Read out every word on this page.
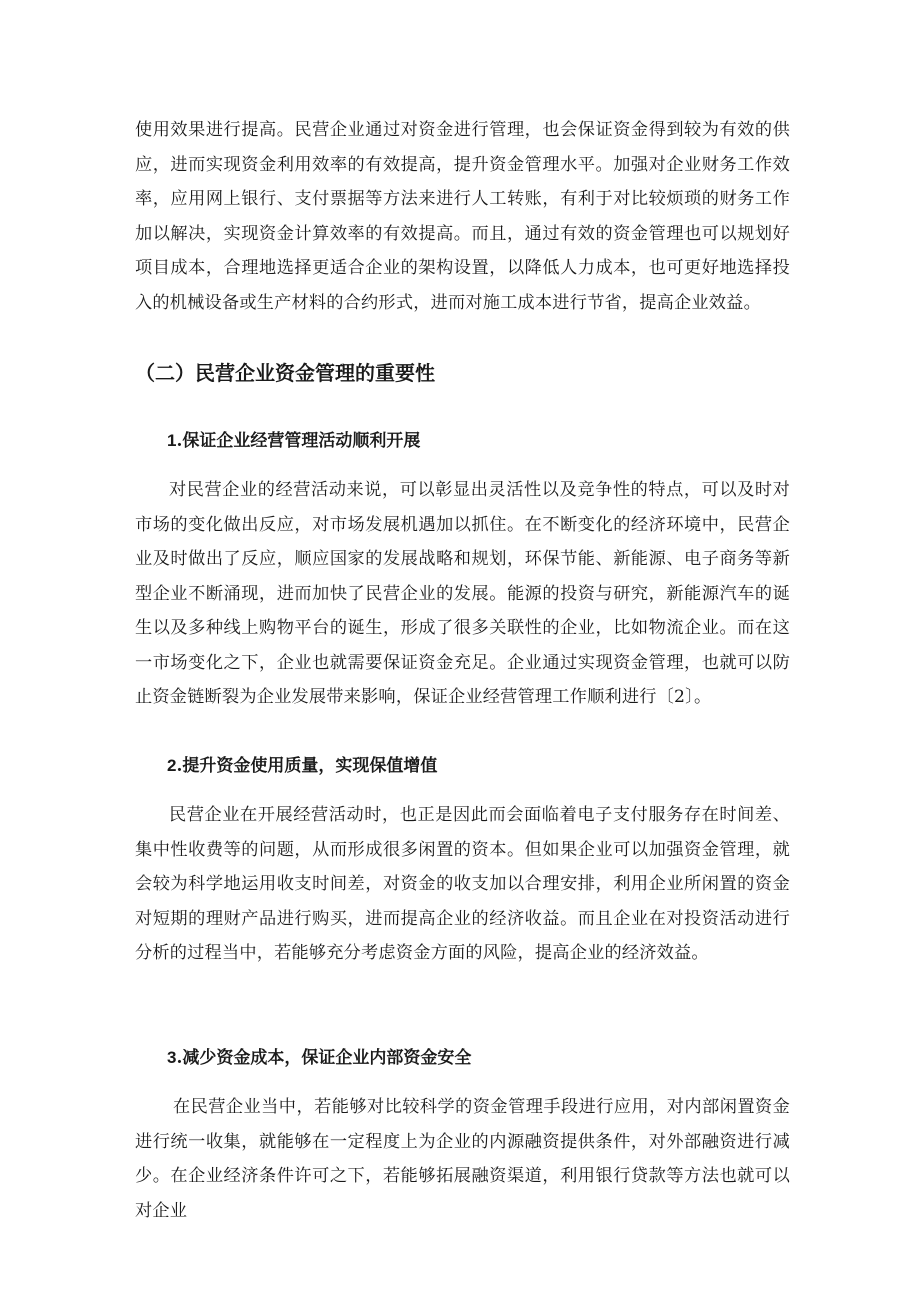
使用效果进行提高。民营企业通过对资金进行管理，也会保证资金得到较为有效的供应，进而实现资金利用效率的有效提高，提升资金管理水平。加强对企业财务工作效率，应用网上银行、支付票据等方法来进行人工转账，有利于对比较烦琐的财务工作加以解决，实现资金计算效率的有效提高。而且，通过有效的资金管理也可以规划好项目成本，合理地选择更适合企业的架构设置，以降低人力成本，也可更好地选择投入的机械设备或生产材料的合约形式，进而对施工成本进行节省，提高企业效益。

（二）民营企业资金管理的重要性
1.保证企业经营管理活动顺利开展

对民营企业的经营活动来说，可以彰显出灵活性以及竞争性的特点，可以及时对市场的变化做出反应，对市场发展机遇加以抓住。在不断变化的经济环境中，民营企业及时做出了反应，顺应国家的发展战略和规划，环保节能、新能源、电子商务等新型企业不断涌现，进而加快了民营企业的发展。能源的投资与研究，新能源汽车的诞生以及多种线上购物平台的诞生，形成了很多关联性的企业，比如物流企业。而在这一市场变化之下，企业也就需要保证资金充足。企业通过实现资金管理，也就可以防止资金链断裂为企业发展带来影响，保证企业经营管理工作顺利进行〔2〕。

2.提升资金使用质量，实现保值增值

民营企业在开展经营活动时，也正是因此而会面临着电子支付服务存在时间差、集中性收费等的问题，从而形成很多闲置的资本。但如果企业可以加强资金管理，就会较为科学地运用收支时间差，对资金的收支加以合理安排，利用企业所闲置的资金对短期的理财产品进行购买，进而提高企业的经济收益。而且企业在对投资活动进行分析的过程当中，若能够充分考虑资金方面的风险，提高企业的经济效益。

3.减少资金成本，保证企业内部资金安全

在民营企业当中，若能够对比较科学的资金管理手段进行应用，对内部闲置资金进行统一收集，就能够在一定程度上为企业的内源融资提供条件，对外部融资进行减少。在企业经济条件许可之下，若能够拓展融资渠道，利用银行贷款等方法也就可以对企业
